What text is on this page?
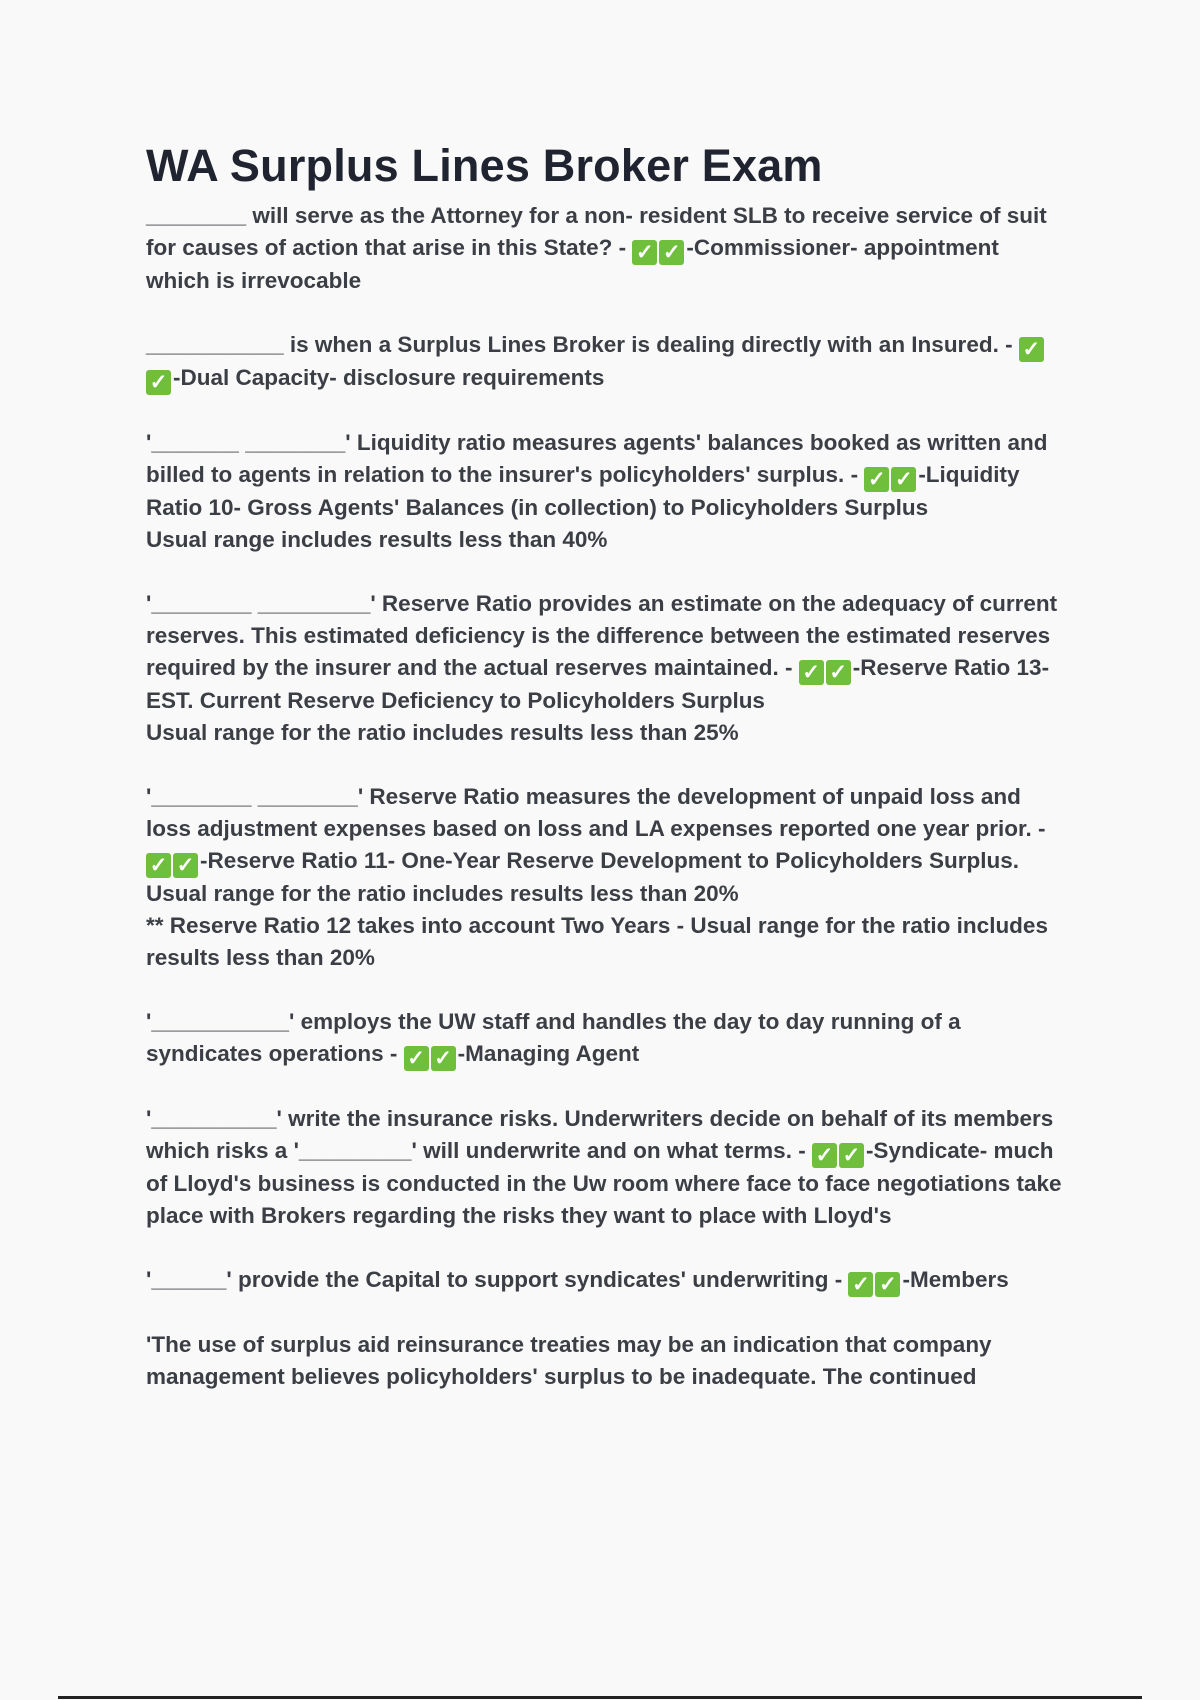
WA Surplus Lines Broker Exam
________ will serve as the Attorney for a non- resident SLB to receive service of suit for causes of action that arise in this State? - ✓✓-Commissioner- appointment which is irrevocable
___________ is when a Surplus Lines Broker is dealing directly with an Insured. - ✓✓-Dual Capacity- disclosure requirements
'_______ ________' Liquidity ratio measures agents' balances booked as written and billed to agents in relation to the insurer's policyholders' surplus. - ✓✓-Liquidity Ratio 10- Gross Agents' Balances (in collection) to Policyholders Surplus
Usual range includes results less than 40%
'________ _________' Reserve Ratio provides an estimate on the adequacy of current reserves. This estimated deficiency is the difference between the estimated reserves required by the insurer and the actual reserves maintained. - ✓✓-Reserve Ratio 13- EST. Current Reserve Deficiency to Policyholders Surplus
Usual range for the ratio includes results less than 25%
'________ ________' Reserve Ratio measures the development of unpaid loss and loss adjustment expenses based on loss and LA expenses reported one year prior. - ✓✓-Reserve Ratio 11- One-Year Reserve Development to Policyholders Surplus.
Usual range for the ratio includes results less than 20%
** Reserve Ratio 12 takes into account Two Years - Usual range for the ratio includes results less than 20%
'___________' employs the UW staff and handles the day to day running of a syndicates operations - ✓✓-Managing Agent
'__________' write the insurance risks. Underwriters decide on behalf of its members which risks a '_________' will underwrite and on what terms. - ✓✓-Syndicate- much of Lloyd's business is conducted in the Uw room where face to face negotiations take place with Brokers regarding the risks they want to place with Lloyd's
'______' provide the Capital to support syndicates' underwriting - ✓✓-Members
'The use of surplus aid reinsurance treaties may be an indication that company management believes policyholders' surplus to be inadequate. The continued
